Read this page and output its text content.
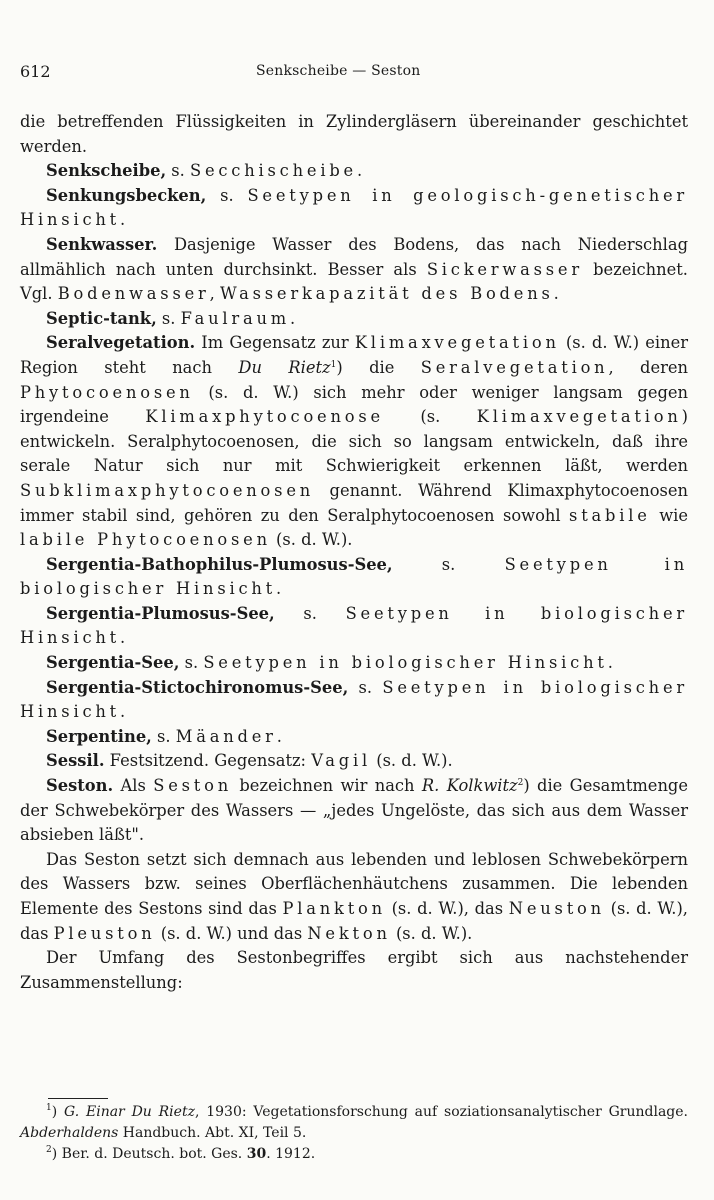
612	Senkscheibe — Seston

die betreffenden Flüssigkeiten in Zylindergläsern übereinander geschichtet werden.

Senkscheibe, s. Secchischeibe.

Senkungsbecken, s. Seetypen in geologisch-genetischer Hinsicht.

Senkwasser. Dasjenige Wasser des Bodens, das nach Niederschlag allmählich nach unten durchsinkt. Besser als Sickerwasser bezeichnet. Vgl. Bodenwasser, Wasserkapazität des Bodens.

Septic-tank, s. Faulraum.

Seralvegetation. Im Gegensatz zur Klimaxvegetation (s. d. W.) einer Region steht nach Du Rietz$^1$) die Seralvegetation, deren Phytocoenosen (s. d. W.) sich mehr oder weniger langsam gegen irgendeine Klimaxphytocoenose (s. Klimaxvegetation) entwickeln. Seralphytocoenosen, die sich so langsam entwickeln, daß ihre serale Natur sich nur mit Schwierigkeit erkennen läßt, werden Subklimaxphytocoenosen genannt. Während Klimaxphytocoenosen immer stabil sind, gehören zu den Seralphytocoenosen sowohl stabile wie labile Phytocoenosen (s. d. W.).

Sergentia-Bathophilus-Plumosus-See, s. Seetypen in biologischer Hinsicht.

Sergentia-Plumosus-See, s. Seetypen in biologischer Hinsicht.

Sergentia-See, s. Seetypen in biologischer Hinsicht.

Sergentia-Stictochironomus-See, s. Seetypen in biologischer Hinsicht.

Serpentine, s. Mäander.

Sessil. Festsitzend. Gegensatz: Vagil (s. d. W.).

Seston. Als Seston bezeichnen wir nach R. Kolkwitz$^2$) die Gesamtmenge der Schwebekörper des Wassers — „jedes Ungelöste, das sich aus dem Wasser absieben läßt".

Das Seston setzt sich demnach aus lebenden und leblosen Schwebekörpern des Wassers bzw. seines Oberflächenhäutchens zusammen. Die lebenden Elemente des Sestons sind das Plankton (s. d. W.), das Neuston (s. d. W.), das Pleuston (s. d. W.) und das Nekton (s. d. W.).

Der Umfang des Sestonbegriffes ergibt sich aus nachstehender Zusammenstellung:

$^1$) G. Einar Du Rietz, 1930: Vegetationsforschung auf soziationsanalytischer Grundlage. Abderhaldens Handbuch. Abt. XI, Teil 5.

$^2$) Ber. d. Deutsch. bot. Ges. 30. 1912.
